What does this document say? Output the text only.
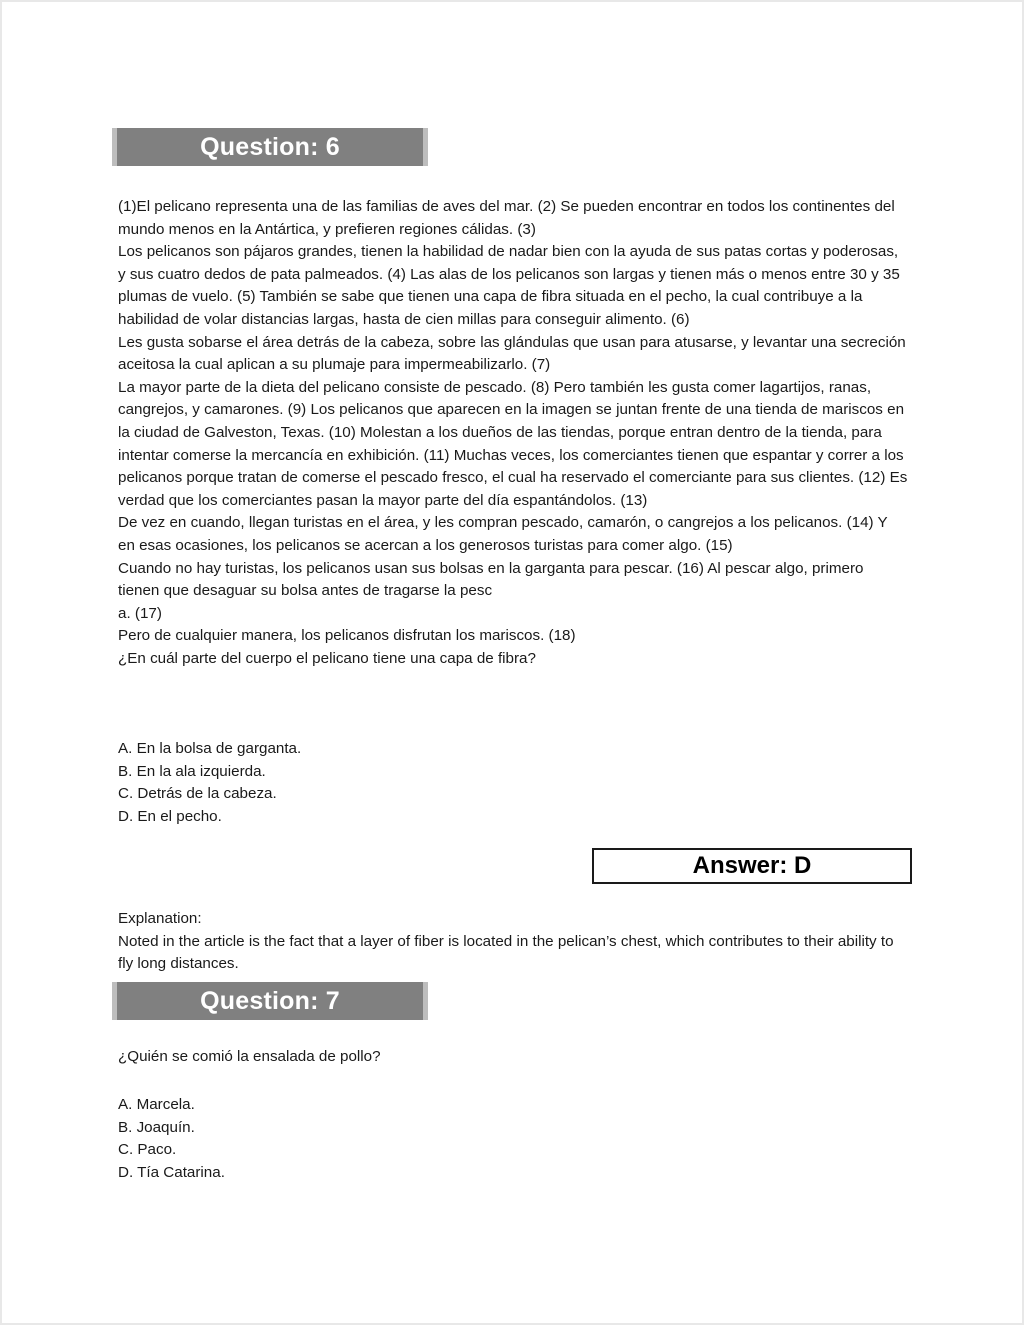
Question: 6

(1)El pelicano representa una de las familias de aves del mar. (2) Se pueden encontrar en todos los continentes del mundo menos en la Antártica, y prefieren regiones cálidas. (3)

Los pelicanos son pájaros grandes, tienen la habilidad de nadar bien con la ayuda de sus patas cortas y poderosas, y sus cuatro dedos de pata palmeados. (4) Las alas de los pelicanos son largas y tienen más o menos entre 30 y 35 plumas de vuelo. (5) También se sabe que tienen una capa de fibra situada en el pecho, la cual contribuye a la habilidad de volar distancias largas, hasta de cien millas para conseguir alimento. (6)

Les gusta sobarse el área detrás de la cabeza, sobre las glándulas que usan para atusarse, y levantar una secreción aceitosa la cual aplican a su plumaje para impermeabilizarlo. (7)

La mayor parte de la dieta del pelicano consiste de pescado. (8) Pero también les gusta comer lagartijos, ranas, cangrejos, y camarones. (9) Los pelicanos que aparecen en la imagen se juntan frente de una tienda de mariscos en la ciudad de Galveston, Texas. (10) Molestan a los dueños de las tiendas, porque entran dentro de la tienda, para intentar comerse la mercancía en exhibición. (11) Muchas veces, los comerciantes tienen que espantar y correr a los pelicanos porque tratan de comerse el pescado fresco, el cual ha reservado el comerciante para sus clientes. (12) Es verdad que los comerciantes pasan la mayor parte del día espantándolos. (13)

De vez en cuando, llegan turistas en el área, y les compran pescado, camarón, o cangrejos a los pelicanos. (14) Y en esas ocasiones, los pelicanos se acercan a los generosos turistas para comer algo. (15)

Cuando no hay turistas, los pelicanos usan sus bolsas en la garganta para pescar. (16) Al pescar algo, primero tienen que desaguar su bolsa antes de tragarse la pesc

a. (17)

Pero de cualquier manera, los pelicanos disfrutan los mariscos. (18)

¿En cuál parte del cuerpo el pelicano tiene una capa de fibra?

A. En la bolsa de garganta.
B. En la ala izquierda.
C. Detrás de la cabeza.
D. En el pecho.
Answer: D
Explanation:
Noted in the article is the fact that a layer of fiber is located in the pelican’s chest, which contributes to their ability to fly long distances.
Question: 7

¿Quién se comió la ensalada de pollo?

A. Marcela.
B. Joaquín.
C. Paco.
D. Tía Catarina.
